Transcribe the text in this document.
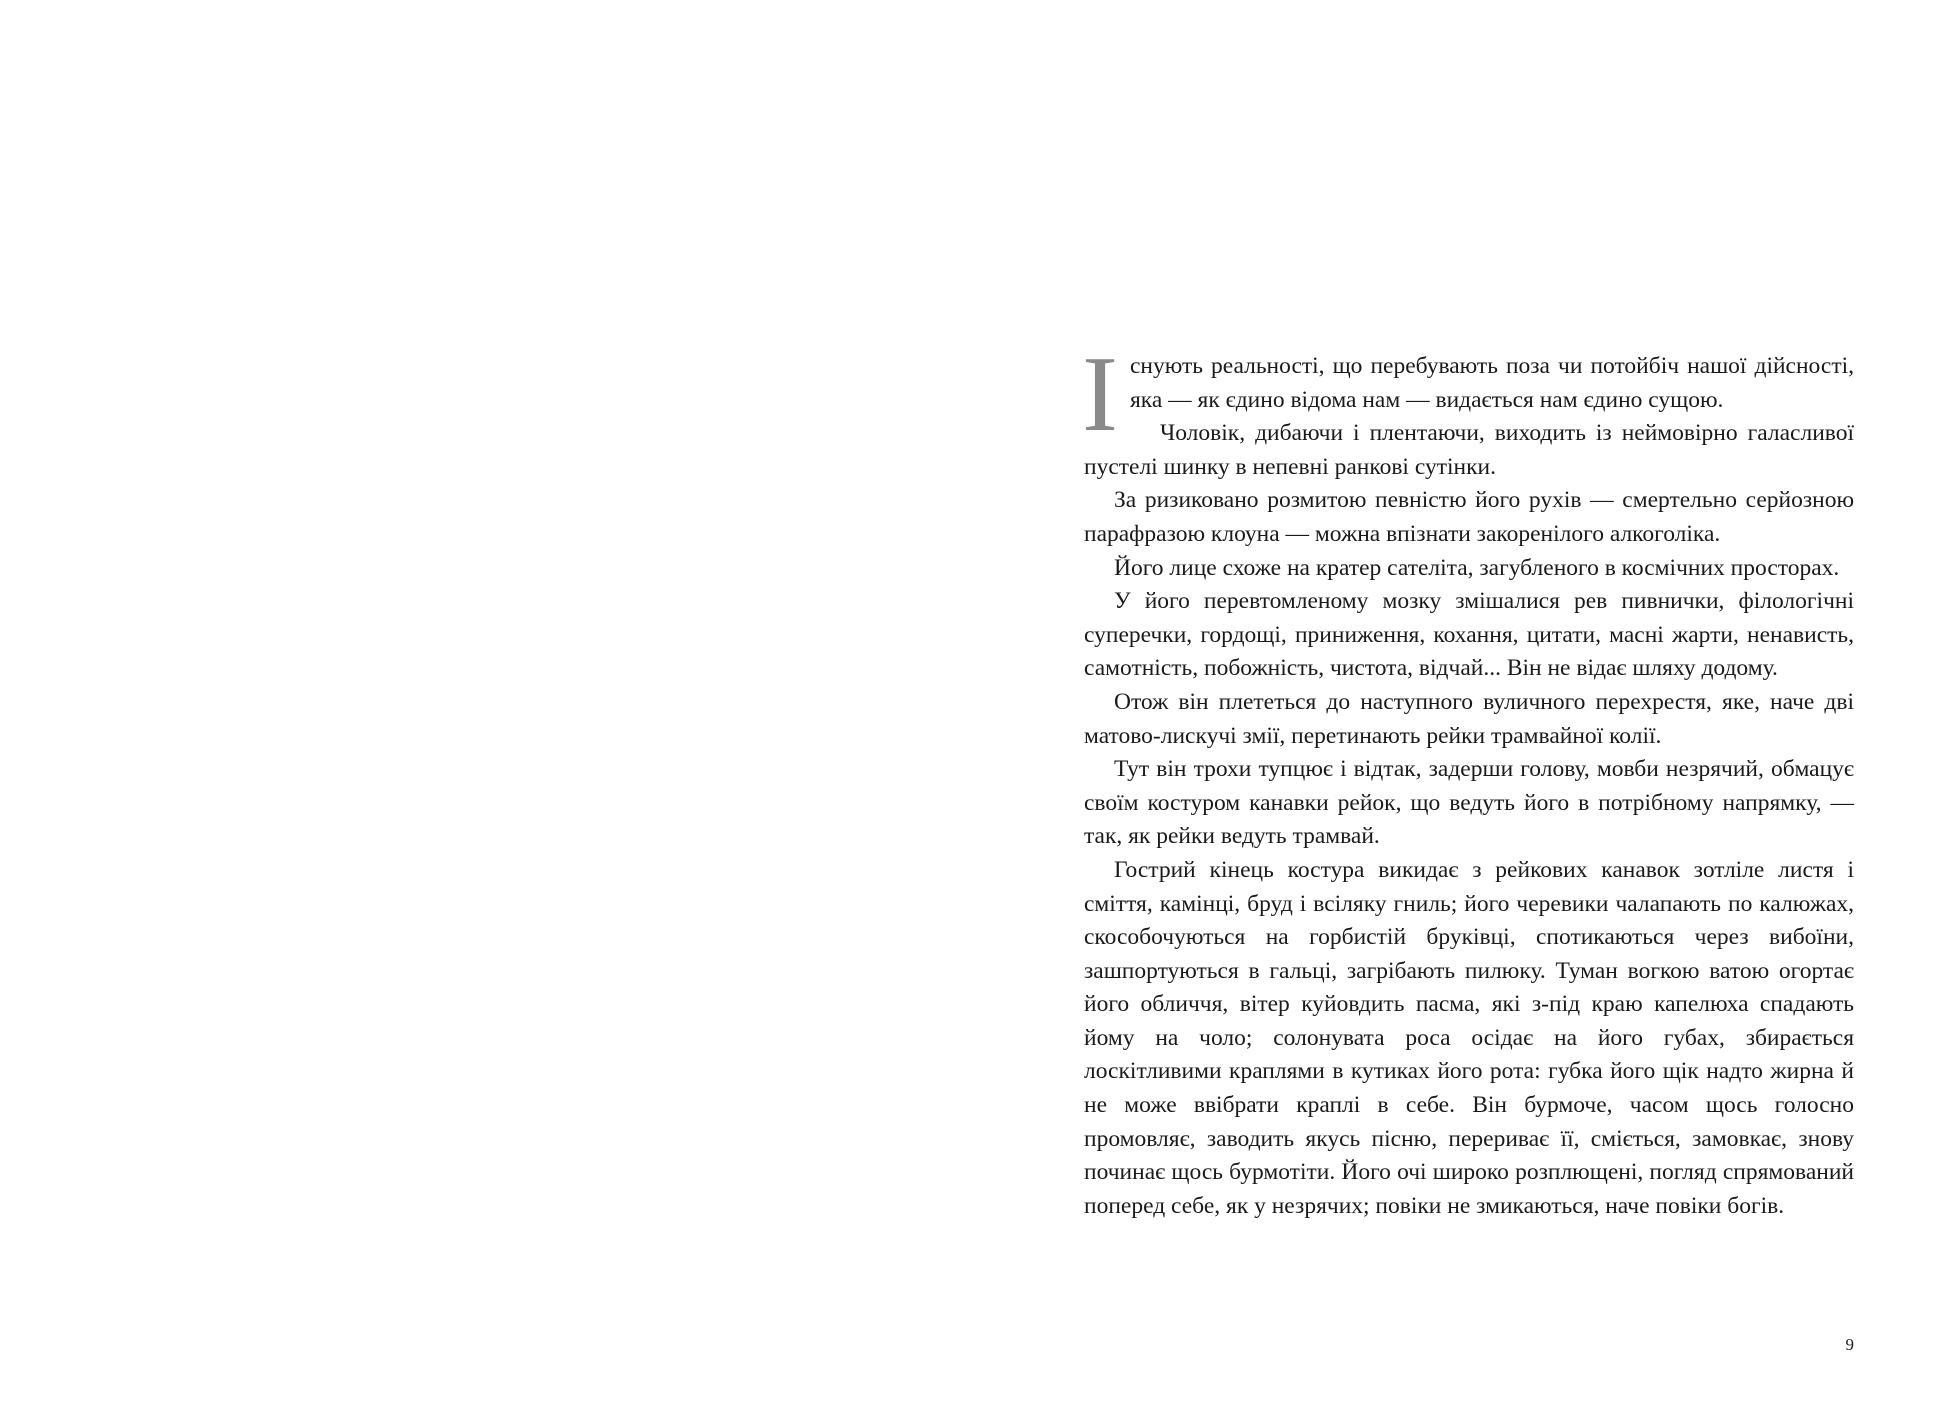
Існують реальності, що перебувають поза чи потойбіч нашої дійсності, яка — як єдино відома нам — видається нам єдино сущою.

Чоловік, дибаючи і плентаючи, виходить із неймовірно галасливої пустелі шинку в непевні ранкові сутінки.

За ризиковано розмитою певністю його рухів — смертельно серйозною парафразою клоуна — можна впізнати закоренілого алкоголіка.

Його лице схоже на кратер сателіта, загубленого в космічних просторах.

У його перевтомленому мозку змішалися рев пивнички, філологічні суперечки, гордощі, приниження, кохання, цитати, масні жарти, ненависть, самотність, побожність, чистота, відчай... Він не відає шляху додому.

Отож він плететься до наступного вуличного перехрестя, яке, наче дві матово-лискучі змії, перетинають рейки трамвайної колії.

Тут він трохи тупцює і відтак, задерши голову, мовби незрячий, обмацує своїм костуром канавки рейок, що ведуть його в потрібному напрямку, — так, як рейки ведуть трамвай.

Гострий кінець костура викидає з рейкових канавок зотліле листя і сміття, камінці, бруд і всіляку гниль; його черевики чалапають по калюжах, скособочуються на горбистій бруківці, спотикаються через вибоїни, зашпортуються в гальці, загрібають пилюку. Туман вогкою ватою огортає його обличчя, вітер куйовдить пасма, які з-під краю капелюха спадають йому на чоло; солонувата роса осідає на його губах, збирається лоскітливими краплями в кутиках його рота: губка його щік надто жирна й не може ввібрати краплі в себе. Він бурмоче, часом щось голосно промовляє, заводить якусь пісню, перериває її, сміється, замовкає, знову починає щось бурмотіти. Його очі широко розплющені, погляд спрямований поперед себе, як у незрячих; повіки не змикаються, наче повіки богів.

9
